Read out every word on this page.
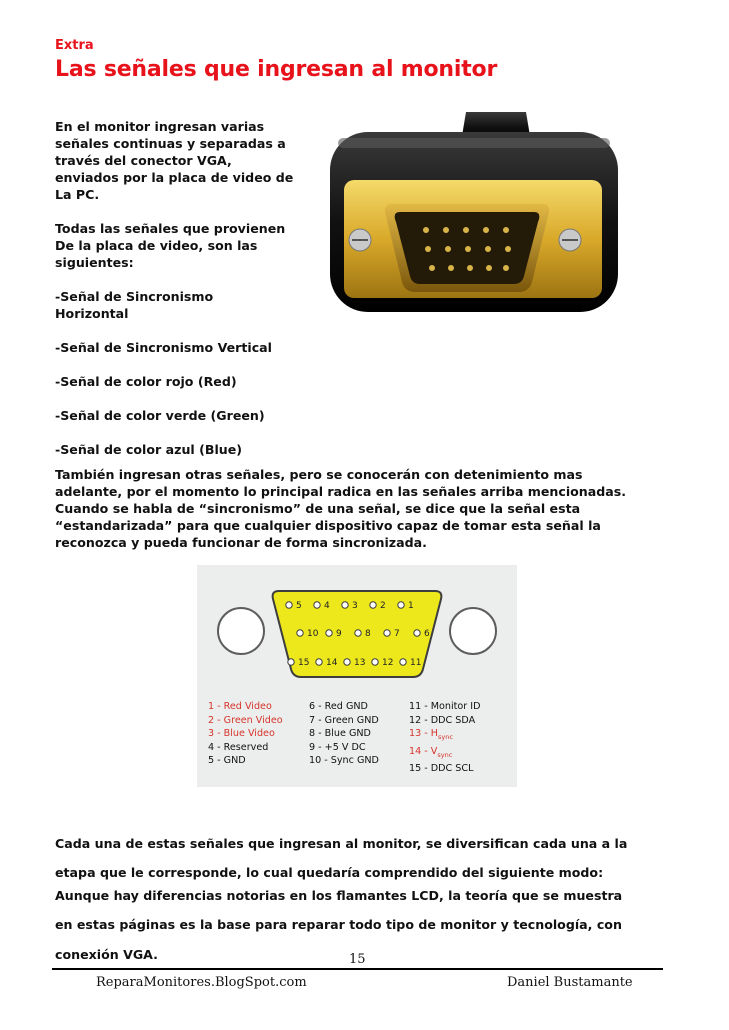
Extra
Las señales que ingresan al monitor

En el monitor ingresan varias

señales continuas y separadas a

través del conector VGA,

enviados por la placa de video de

La PC.

Todas las señales que provienen

De la placa de video, son las

siguientes:

-Señal de Sincronismo

Horizontal

-Señal de Sincronismo Vertical

-Señal de color rojo (Red)

-Señal de color verde (Green)

-Señal de color azul (Blue)

También ingresan otras señales, pero se conocerán con detenimiento mas

adelante, por el momento lo principal radica en las señales arriba mencionadas.

Cuando se habla de “sincronismo” de una señal, se dice que la señal esta

“estandarizada” para que cualquier dispositivo capaz de tomar esta señal la

reconozca y pueda funcionar de forma sincronizada.

5 4 3 2 1
10 9	8	7	6
15 14 13 12 11
1 - Red Video
2 - Green Video
3 - Blue Video
4 - Reserved
5 - GND
6 - Red GND
7 - Green GND
8 - Blue GND
9 - +5 V DC
10 - Sync GND
11 - Monitor ID
12 - DDC SDA
$13 - H_{sync}$
$14 - V_{sync}$
15 - DDC SCL

Cada una de estas señales que ingresan al monitor, se diversifican cada una a la

etapa que le corresponde, lo cual quedaría comprendido del siguiente modo:

Aunque hay diferencias notorias en los flamantes LCD, la teoría que se muestra

en estas páginas es la base para reparar todo tipo de monitor y tecnología, con

conexión VGA.	15
ReparaMonitores.BlogSpot.com	Daniel Bustamante
